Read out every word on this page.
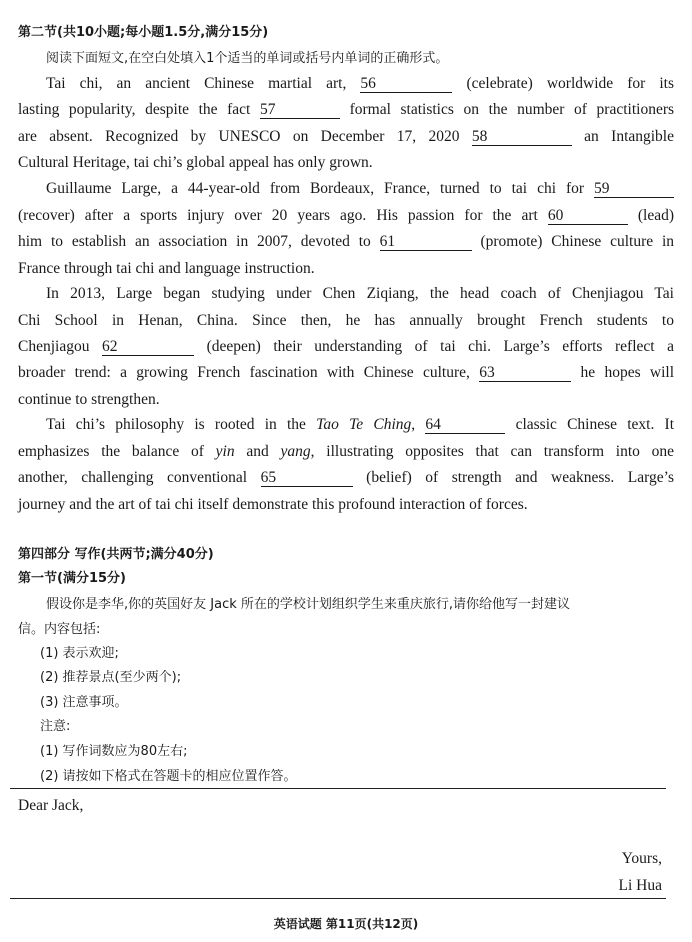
第二节(共10小题;每小题1.5分,满分15分)
阅读下面短文,在空白处填入1个适当的单词或括号内单词的正确形式。
Tai chi, an ancient Chinese martial art, 56	(celebrate) worldwide for its
lasting popularity, despite the fact 57	formal statistics on the number of practitioners
are absent. Recognized by UNESCO on December 17, 2020 58	an Intangible
Cultural Heritage, tai chi’s global appeal has only grown.
Guillaume Large, a 44-year-old from Bordeaux, France, turned to tai chi for 59
(recover) after a sports injury over 20 years ago. His passion for the art 60	(lead)
him to establish an association in 2007, devoted to 61	(promote) Chinese culture in
France through tai chi and language instruction.
In 2013, Large began studying under Chen Ziqiang, the head coach of Chenjiagou Tai
Chi School in Henan, China. Since then, he has annually brought French students to
Chenjiagou 62	(deepen) their understanding of tai chi. Large’s efforts reflect a
broader trend: a growing French fascination with Chinese culture, 63	he hopes will
continue to strengthen.
Tai chi’s philosophy is rooted in the Tao Te Ching, 64	classic Chinese text. It
emphasizes the balance of yin and yang, illustrating opposites that can transform into one
another, challenging conventional 65	(belief) of strength and weakness. Large’s
journey and the art of tai chi itself demonstrate this profound interaction of forces.
第四部分 写作(共两节;满分40分)
第一节(满分15分)
假设你是李华,你的英国好友 Jack 所在的学校计划组织学生来重庆旅行,请你给他写一封建议
信。内容包括:
(1) 表示欢迎;
(2) 推荐景点(至少两个);
(3) 注意事项。
注意:
(1) 写作词数应为80左右;
(2) 请按如下格式在答题卡的相应位置作答。
Dear Jack,
Yours,
Li Hua
英语试题 第11页(共12页)
